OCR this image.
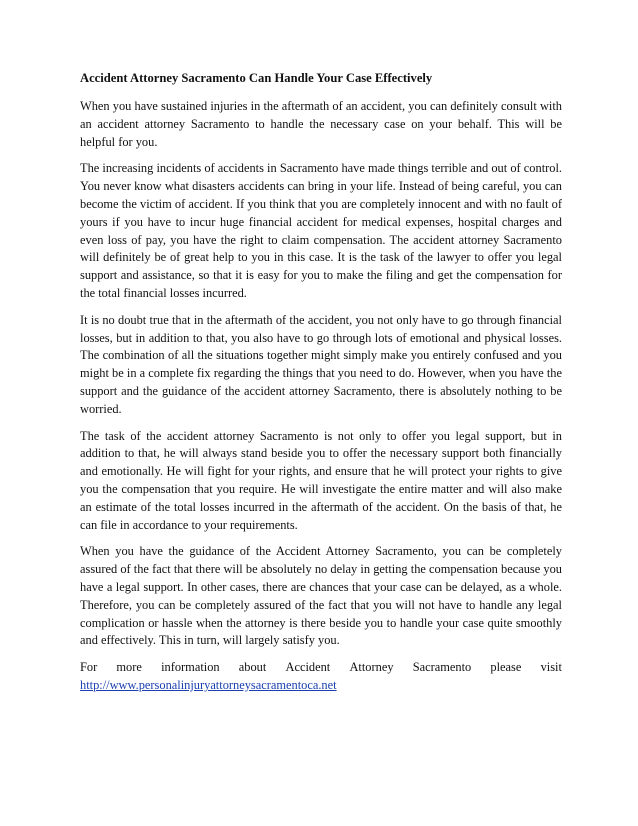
Accident Attorney Sacramento Can Handle Your Case Effectively

When you have sustained injuries in the aftermath of an accident, you can definitely consult with an accident attorney Sacramento to handle the necessary case on your behalf. This will be helpful for you.

The increasing incidents of accidents in Sacramento have made things terrible and out of control. You never know what disasters accidents can bring in your life. Instead of being careful, you can become the victim of accident. If you think that you are completely innocent and with no fault of yours if you have to incur huge financial accident for medical expenses, hospital charges and even loss of pay, you have the right to claim compensation. The accident attorney Sacramento will definitely be of great help to you in this case. It is the task of the lawyer to offer you legal support and assistance, so that it is easy for you to make the filing and get the compensation for the total financial losses incurred.

It is no doubt true that in the aftermath of the accident, you not only have to go through financial losses, but in addition to that, you also have to go through lots of emotional and physical losses. The combination of all the situations together might simply make you entirely confused and you might be in a complete fix regarding the things that you need to do. However, when you have the support and the guidance of the accident attorney Sacramento, there is absolutely nothing to be worried.

The task of the accident attorney Sacramento is not only to offer you legal support, but in addition to that, he will always stand beside you to offer the necessary support both financially and emotionally. He will fight for your rights, and ensure that he will protect your rights to give you the compensation that you require. He will investigate the entire matter and will also make an estimate of the total losses incurred in the aftermath of the accident. On the basis of that, he can file in accordance to your requirements.

When you have the guidance of the Accident Attorney Sacramento, you can be completely assured of the fact that there will be absolutely no delay in getting the compensation because you have a legal support. In other cases, there are chances that your case can be delayed, as a whole. Therefore, you can be completely assured of the fact that you will not have to handle any legal complication or hassle when the attorney is there beside you to handle your case quite smoothly and effectively. This in turn, will largely satisfy you.

For more information about Accident Attorney Sacramento please visit
http://www.personalinjuryattorneysacramentoca.net
